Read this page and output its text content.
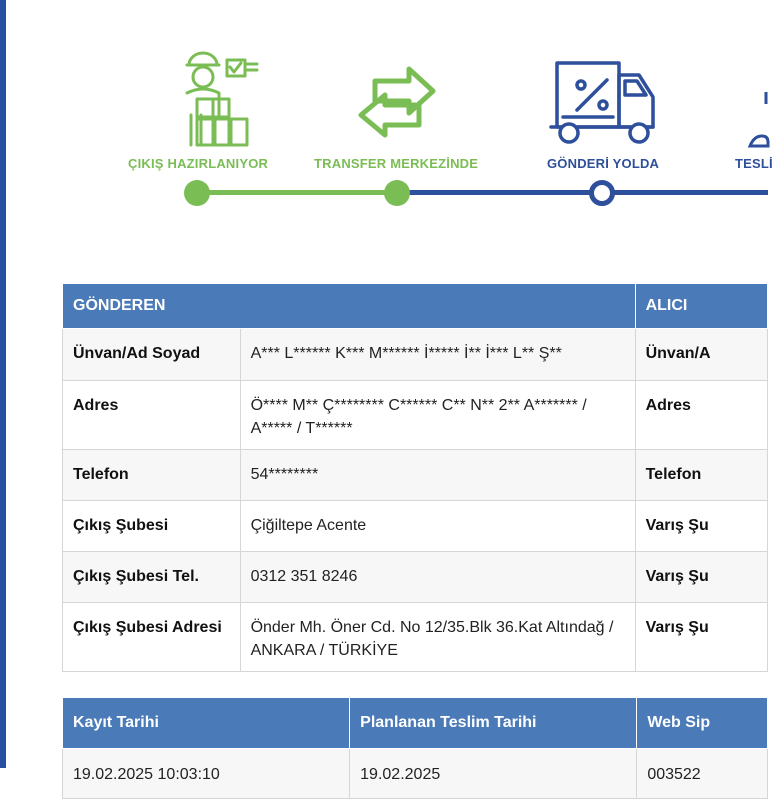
ÇIKIŞ HAZIRLANIYOR	TRANSFER MERKEZİNDE	GÖNDERİ YOLDA	TESLİ
GÖNDEREN		ALICI
Ünvan/Ad Soyad	A*** L****** K*** M****** İ***** İ** İ*** L** Ş**	Ünvan/A
Adres	Ö**** M** Ç******** C****** C** N** 2** A******* / A***** / T******	Adres
Telefon	54********	Telefon
Çıkış Şubesi	Çiğiltepe Acente	Varış Şu
Çıkış Şubesi Tel.	0312 351 8246	Varış Şu
Çıkış Şubesi Adresi	Önder Mh. Öner Cd. No 12/35.Blk 36.Kat Altındağ / ANKARA / TÜRKİYE	Varış Şu
Kayıt Tarihi	Planlanan Teslim Tarihi	Web Sip
19.02.2025 10:03:10	19.02.2025	003522
